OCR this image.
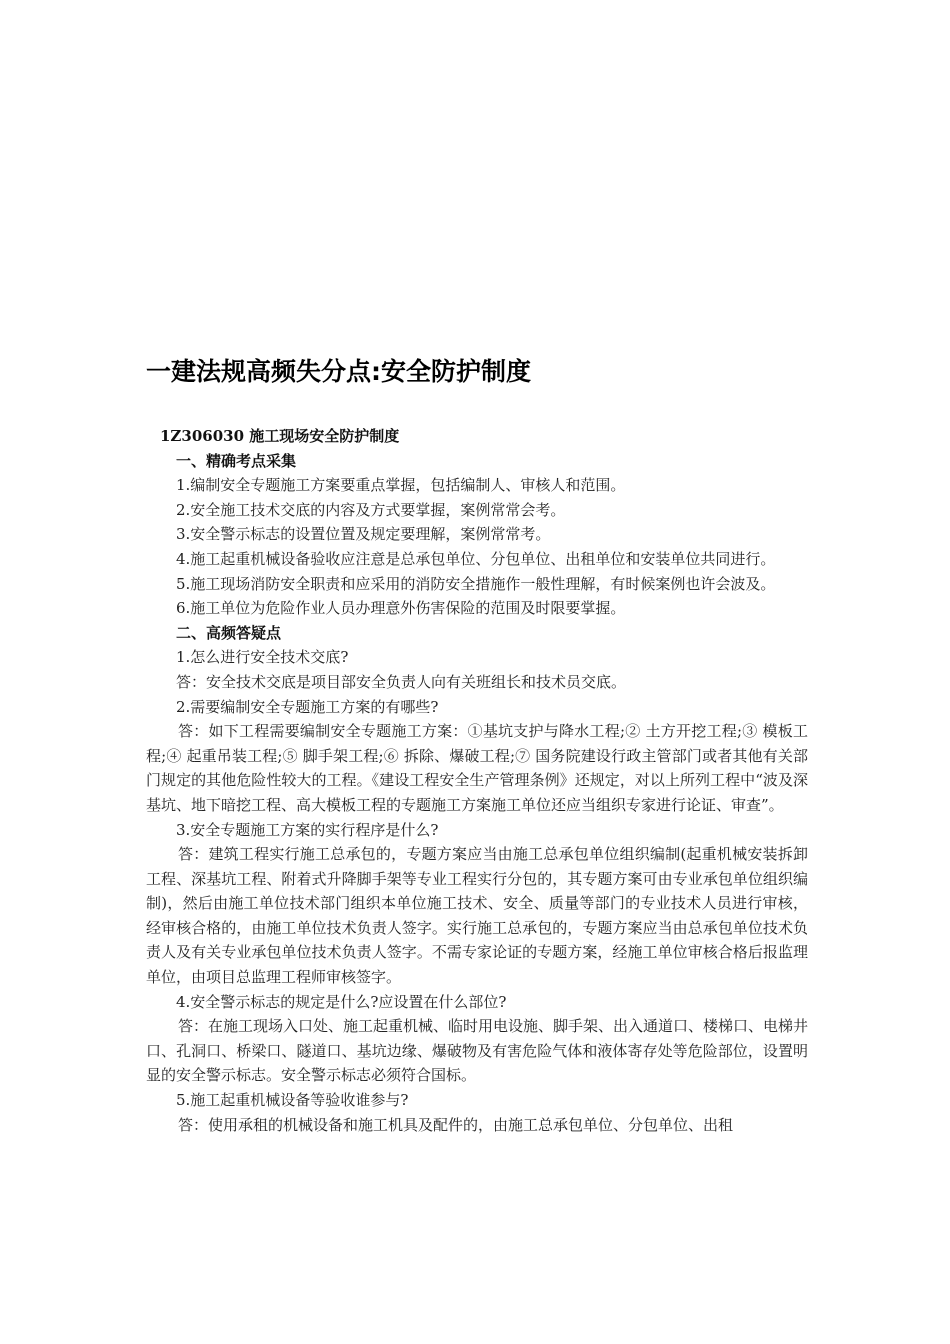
一建法规高频失分点:安全防护制度

1Z306030 施工现场安全防护制度

一、精确考点采集

1.编制安全专题施工方案要重点掌握，包括编制人、审核人和范围。

2.安全施工技术交底的内容及方式要掌握，案例常常会考。

3.安全警示标志的设置位置及规定要理解，案例常常考。

4.施工起重机械设备验收应注意是总承包单位、分包单位、出租单位和安装单位共同进行。

5.施工现场消防安全职责和应采用的消防安全措施作一般性理解，有时候案例也许会波及。

6.施工单位为危险作业人员办理意外伤害保险的范围及时限要掌握。

二、高频答疑点

1.怎么进行安全技术交底?

答：安全技术交底是项目部安全负责人向有关班组长和技术员交底。

2.需要编制安全专题施工方案的有哪些?

答：如下工程需要编制安全专题施工方案：①基坑支护与降水工程;② 土方开挖工程;③ 模板工程;④ 起重吊装工程;⑤ 脚手架工程;⑥ 拆除、爆破工程;⑦ 国务院建设行政主管部门或者其他有关部门规定的其他危险性较大的工程。《建设工程安全生产管理条例》还规定，对以上所列工程中“波及深基坑、地下暗挖工程、高大模板工程的专题施工方案施工单位还应当组织专家进行论证、审查”。

3.安全专题施工方案的实行程序是什么?

答：建筑工程实行施工总承包的，专题方案应当由施工总承包单位组织编制(起重机械安装拆卸工程、深基坑工程、附着式升降脚手架等专业工程实行分包的，其专题方案可由专业承包单位组织编制)，然后由施工单位技术部门组织本单位施工技术、安全、质量等部门的专业技术人员进行审核，经审核合格的，由施工单位技术负责人签字。实行施工总承包的，专题方案应当由总承包单位技术负责人及有关专业承包单位技术负责人签字。不需专家论证的专题方案，经施工单位审核合格后报监理单位，由项目总监理工程师审核签字。

4.安全警示标志的规定是什么?应设置在什么部位?

答：在施工现场入口处、施工起重机械、临时用电设施、脚手架、出入通道口、楼梯口、电梯井口、孔洞口、桥梁口、隧道口、基坑边缘、爆破物及有害危险气体和液体寄存处等危险部位，设置明显的安全警示标志。安全警示标志必须符合国标。

5.施工起重机械设备等验收谁参与?

答：使用承租的机械设备和施工机具及配件的，由施工总承包单位、分包单位、出租
